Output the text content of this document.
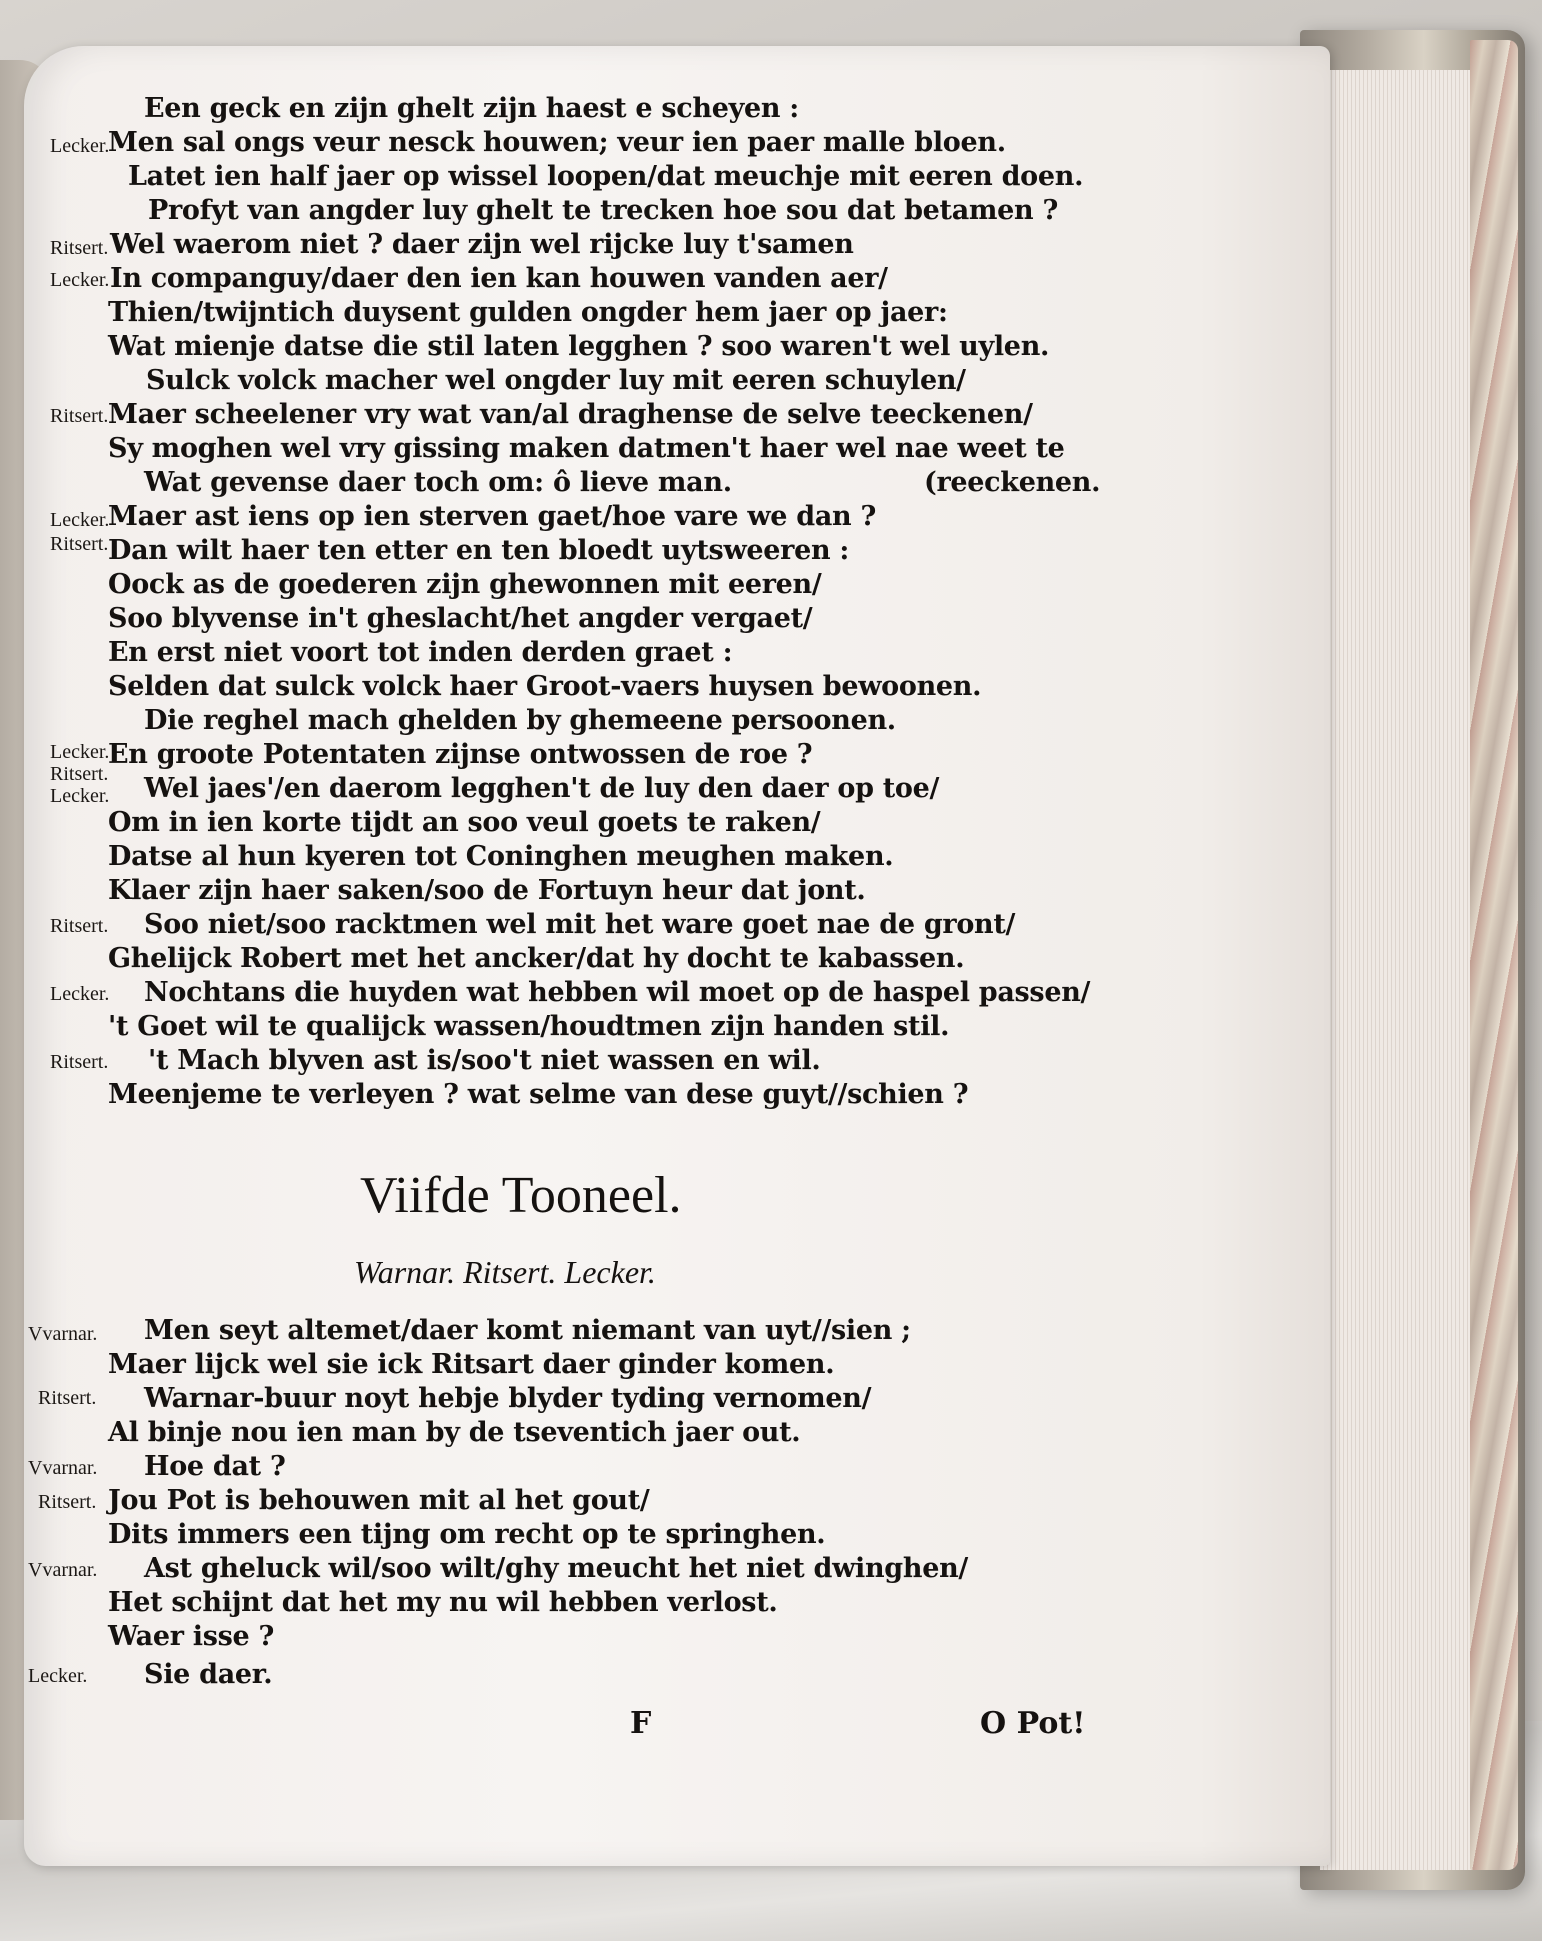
Een geck en zijn ghelt zijn haest e scheyen :
Men sal ongs veur nesck houwen; veur ien paer malle bloen.
Latet ien half jaer op wissel loopen/dat meuchje mit eeren doen.
Profyt van angder luy ghelt te trecken hoe sou dat betamen ?
Wel waerom niet ? daer zijn wel rijcke luy t'samen
In companguy/daer den ien kan houwen vanden aer/
Thien/twijntich duysent gulden ongder hem jaer op jaer:
Wat mienje datse die stil laten legghen ? soo waren't wel uylen.
Sulck volck macher wel ongder luy mit eeren schuylen/
Maer scheelener vry wat van/al draghense de selve teeckenen/
Sy moghen wel vry gissing maken datmen't haer wel nae weet te
Wat gevense daer toch om: ô lieve man.	(reeckenen.
Maer ast iens op ien sterven gaet/hoe vare we dan ?
Dan wilt haer ten etter en ten bloedt uytsweeren :
Oock as de goederen zijn ghewonnen mit eeren/
Soo blyvense in't gheslacht/het angder vergaet/
En erst niet voort tot inden derden graet :
Selden dat sulck volck haer Groot-vaers huysen bewoonen.
Die reghel mach ghelden by ghemeene persoonen.
En groote Potentaten zijnse ontwossen de roe ?
Wel jaes'/en daerom legghen't de luy den daer op toe/
Om in ien korte tijdt an soo veul goets te raken/
Datse al hun kyeren tot Coninghen meughen maken.
Klaer zijn haer saken/soo de Fortuyn heur dat jont.
Soo niet/soo racktmen wel mit het ware goet nae de gront/
Ghelijck Robert met het ancker/dat hy docht te kabassen.
Nochtans die huyden wat hebben wil moet op de haspel passen/
't Goet wil te qualijck wassen/houdtmen zijn handen stil.
't Mach blyven ast is/soo't niet wassen en wil.
Meenjeme te verleyen ? wat selme van dese guyt//schien ?
Lecker.
Ritsert.
Lecker.
Ritsert.
Lecker.
Ritsert.
Lecker.
Ritsert.
Lecker.
Ritsert.
Lecker.
Ritsert.
Viifde Tooneel.
Warnar. Ritsert. Lecker.
Men seyt altemet/daer komt niemant van uyt//sien ;
Maer lijck wel sie ick Ritsart daer ginder komen.
Warnar-buur noyt hebje blyder tyding vernomen/
Al binje nou ien man by de tseventich jaer out.
Hoe dat ?
Jou Pot is behouwen mit al het gout/
Dits immers een tijng om recht op te springhen.
Ast gheluck wil/soo wilt/ghy meucht het niet dwinghen/
Het schijnt dat het my nu wil hebben verlost.
Waer isse ?
Sie daer.
Vvarnar.
Ritsert.
Vvarnar.
Ritsert.
Vvarnar.
Lecker.
F	O Pot!
